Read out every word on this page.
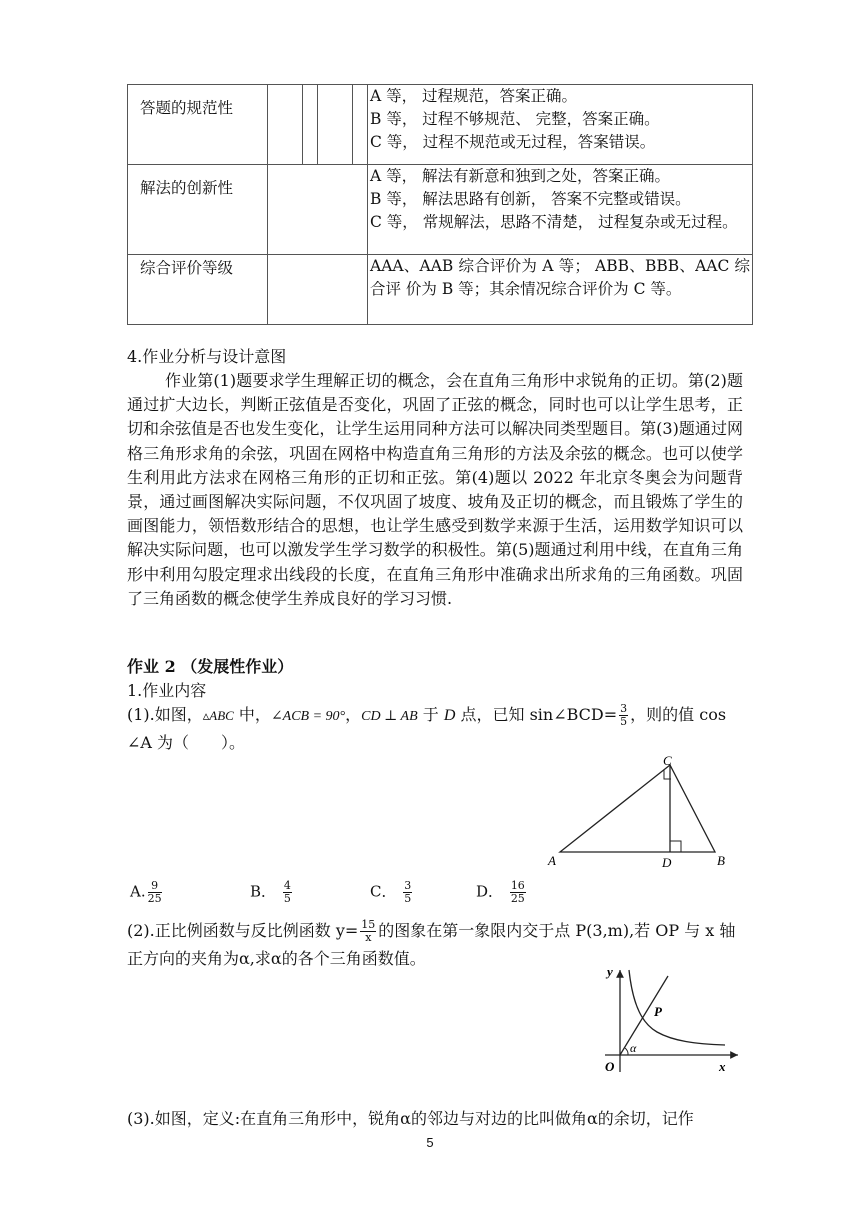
答题的规范性					A 等， 过程规范，答案正确。
B 等， 过程不够规范、 完整，答案正确。
C 等， 过程不规范或无过程，答案错误。

解法的创新性					A 等， 解法有新意和独到之处，答案正确。
B 等， 解法思路有创新， 答案不完整或错误。
C 等， 常规解法，思路不清楚， 过程复杂或无过程。

综合评价等级					AAA、AAB 综合评价为 A 等； ABB、BBB、AAC 综合评 价为 B 等；其余情况综合评价为 C 等。
4.作业分析与设计意图
作业第(1)题要求学生理解正切的概念，会在直角三角形中求锐角的正切。第(2)题通过扩大边长，判断正弦值是否变化，巩固了正弦的概念，同时也可以让学生思考，正切和余弦值是否也发生变化，让学生运用同种方法可以解决同类型题目。第(3)题通过网格三角形求角的余弦，巩固在网格中构造直角三角形的方法及余弦的概念。也可以使学生利用此方法求在网格三角形的正切和正弦。第(4)题以 2022 年北京冬奥会为问题背景，通过画图解决实际问题，不仅巩固了坡度、坡角及正切的概念，而且锻炼了学生的画图能力，领悟数形结合的思想，也让学生感受到数学来源于生活，运用数学知识可以解决实际问题，也可以激发学生学习数学的积极性。第(5)题通过利用中线，在直角三角形中利用勾股定理求出线段的长度，在直角三角形中准确求出所求角的三角函数。巩固了三角函数的概念使学生养成良好的学习习惯.
作业 2 （发展性作业）
1.作业内容
(1).如图，▵ABC 中，∠ACB = 90°，CD ⊥ AB 于 D 点，已知 sin∠BCD= $\frac{3}{5}$ ，则的值 cos
∠A 为（　　）。
A	D	B
C
A. $\frac{9}{25}$	B． $\frac{4}{5}$	C． $\frac{3}{5}$	D． $\frac{16}{25}$
(2).正比例函数与反比例函数 $y= \frac{15}{x}$ 的图象在第一象限内交于点 P(3,m),若 OP 与 x 轴
正方向的夹角为α,求α的各个三角函数值。
y
x
O
P
α
(3).如图，定义:在直角三角形中，锐角α的邻边与对边的比叫做角α的余切，记作
5
